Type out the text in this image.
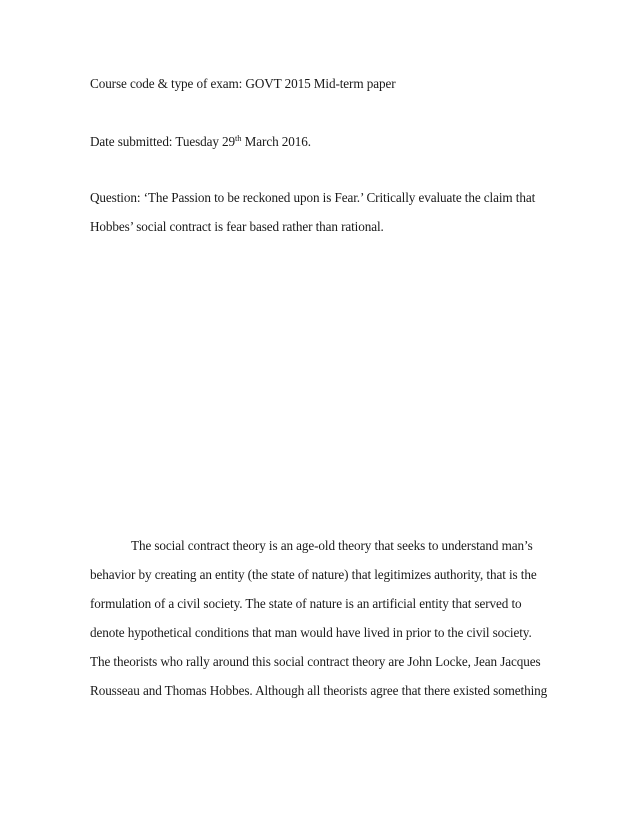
Course code & type of exam: GOVT 2015 Mid-term paper
Date submitted: Tuesday 29th March 2016.
Question: ‘The Passion to be reckoned upon is Fear.’ Critically evaluate the claim that
Hobbes’ social contract is fear based rather than rational.
The social contract theory is an age-old theory that seeks to understand man’s
behavior by creating an entity (the state of nature) that legitimizes authority, that is the
formulation of a civil society. The state of nature is an artificial entity that served to
denote hypothetical conditions that man would have lived in prior to the civil society.
The theorists who rally around this social contract theory are John Locke, Jean Jacques
Rousseau and Thomas Hobbes. Although all theorists agree that there existed something
